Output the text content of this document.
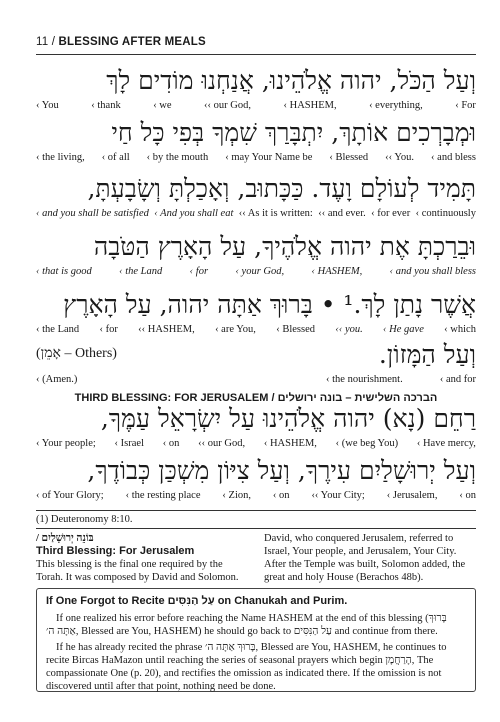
11 / BLESSING AFTER MEALS
וְעַל הַכֹּל, יהוה אֱלֹהֵינוּ, אֲנַחְנוּ מוֹדִים לָךְ
‹ You	‹ thank	‹ we	‹‹ our God,	‹ HASHEM,	‹ everything,	‹ For
וּמְבָרְכִים אוֹתָךְ, יִתְבָּרַךְ שִׁמְךָ בְּפִי כָּל חַי
‹ the living, ‹ of all ‹ by the mouth ‹ may Your Name be ‹ Blessed ‹‹ You. ‹ and bless
תָּמִיד לְעוֹלָם וָעֶד. כַּכָּתוּב, וְאָכַלְתָּ וְשָׂבָעְתָּ,
‹ and you shall be satisfied ‹ And you shall eat ‹‹ As it is written: ‹‹ and ever. ‹ for ever ‹ continuously
וּבֵרַכְתָּ אֶת יהוה אֱלֹהֶיךָ, עַל הָאָרֶץ הַטֹּבָה
‹ that is good	‹ the Land	‹ for	‹ your God,	‹ HASHEM,	‹ and you shall bless
אֲשֶׁר נָתַן לָךְ.¹ • בָּרוּךְ אַתָּה יהוה, עַל הָאָרֶץ
‹ the Land ‹ for ‹‹ HASHEM, ‹ are You, ‹ Blessed ‹‹ you. ‹ He gave ‹ which
וְעַל הַמָּזוֹן.
(אָמֵן – Others)
‹ (Amen.)	‹ the nourishment.	‹ and for
THIRD BLESSING: FOR JERUSALEM / הברכה השלישית – בונה ירושלים
רַחֵם (נָא) יהוה אֱלֹהֵינוּ עַל יִשְׂרָאֵל עַמֶּךָ,
‹ Your people; ‹ Israel ‹ on ‹‹ our God, ‹ HASHEM, ‹ (we beg You) ‹ Have mercy,
וְעַל יְרוּשָׁלַיִם עִירֶךָ, וְעַל צִיּוֹן מִשְׁכַּן כְּבוֹדֶךָ,
‹ of Your Glory; ‹ the resting place ‹ Zion, ‹ on ‹‹ Your City; ‹ Jerusalem, ‹ on
(1) Deuteronomy 8:10.
בּוֹנֵה יְרוּשָׁלַיִם /
Third Blessing: For Jerusalem
This blessing is the final one required by the Torah. It was composed by David and Solomon.
David, who conquered Jerusalem, referred to Israel, Your people, and Jerusalem, Your City. After the Temple was built, Solomon added, the great and holy House (Berachos 48b).
If One Forgot to Recite עַל הַנִּסִּים on Chanukah and Purim.

If one realized his error before reaching the Name HASHEM at the end of this blessing (בָּרוּךְ אַתָּה ה׳, Blessed are You, HASHEM) he should go back to עַל הַנִּסִּים and continue from there.

If he has already recited the phrase בָּרוּךְ אַתָּה ה׳, Blessed are You, HASHEM, he continues to recite Bircas HaMazon until reaching the series of seasonal prayers which begin הָרַחֲמָן, The compassionate One (p. 20), and rectifies the omission as indicated there. If the omission is not discovered until after that point, nothing need be done.
